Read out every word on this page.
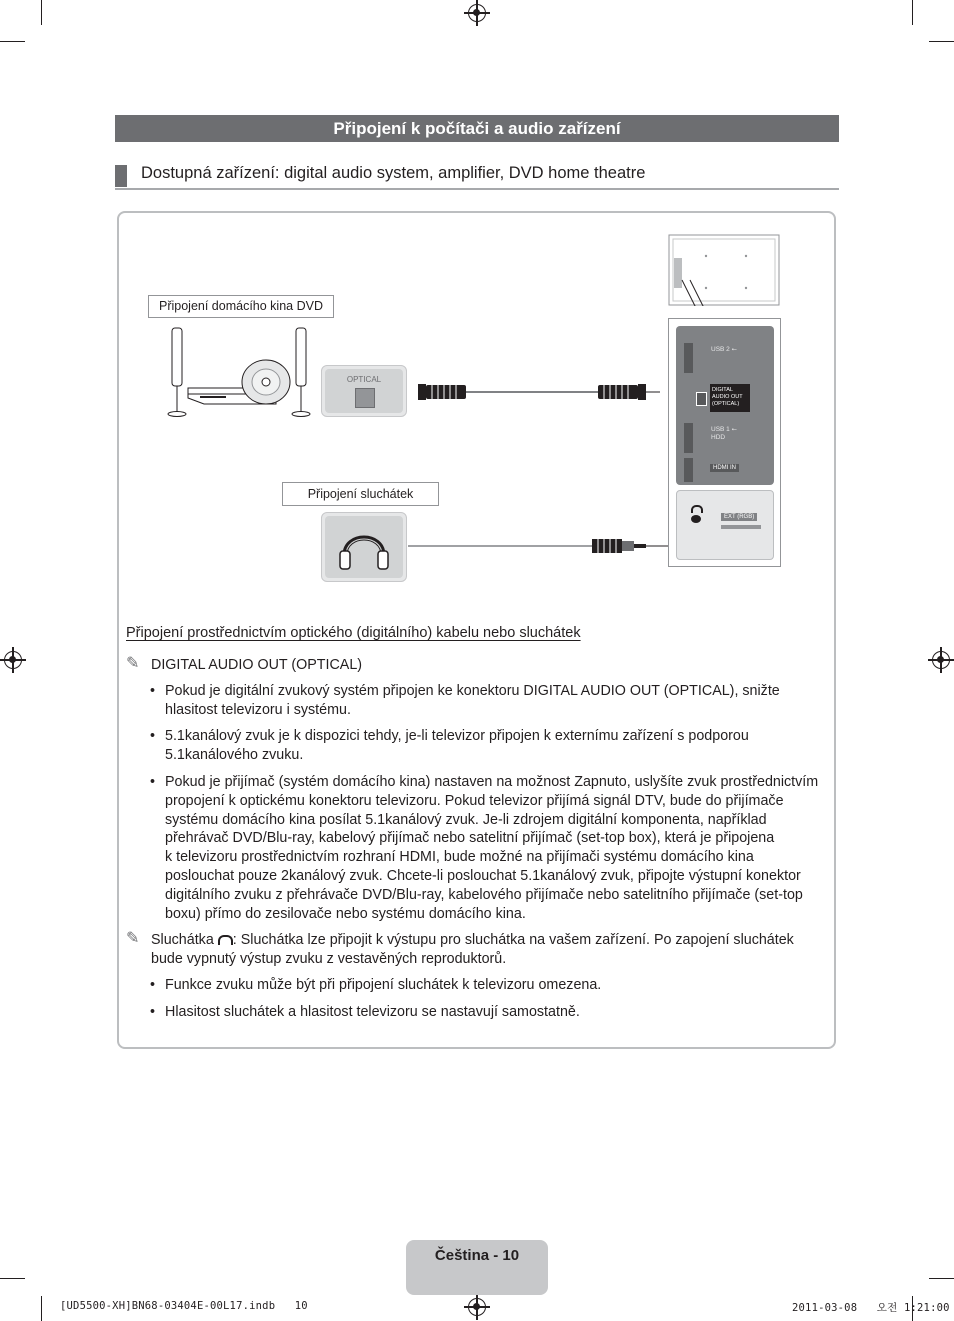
Připojení k počítači a audio zařízení
Dostupná zařízení: digital audio system, amplifier, DVD home theatre
Připojení domácího kina DVD
OPTICAL
Připojení sluchátek
USB 2 ⭠
DIGITAL
AUDIO OUT
(OPTICAL)
USB 1 ⭠
HDD
HDMI IN
EXT (RGB)
Připojení prostřednictvím optického (digitálního) kabelu nebo sluchátek
✎ DIGITAL AUDIO OUT (OPTICAL)
• Pokud je digitální zvukový systém připojen ke konektoru DIGITAL AUDIO OUT (OPTICAL), snižte
hlasitost televizoru i systému.
• 5.1kanálový zvuk je k dispozici tehdy, je-li televizor připojen k externímu zařízení s podporou
5.1kanálového zvuku.
• Pokud je přijímač (systém domácího kina) nastaven na možnost Zapnuto, uslyšíte zvuk prostřednictvím
propojení k optickému konektoru televizoru. Pokud televizor přijímá signál DTV, bude do přijímače
systému domácího kina posílat 5.1kanálový zvuk. Je-li zdrojem digitální komponenta, například
přehrávač DVD/Blu-ray, kabelový přijímač nebo satelitní přijímač (set-top box), která je připojena
k televizoru prostřednictvím rozhraní HDMI, bude možné na přijímači systému domácího kina
poslouchat pouze 2kanálový zvuk. Chcete-li poslouchat 5.1kanálový zvuk, připojte výstupní konektor
digitálního zvuku z přehrávače DVD/Blu-ray, kabelového přijímače nebo satelitního přijímače (set-top
boxu) přímo do zesilovače nebo systému domácího kina.
✎ Sluchátka : Sluchátka lze připojit k výstupu pro sluchátka na vašem zařízení. Po zapojení sluchátek
bude vypnutý výstup zvuku z vestavěných reproduktorů.
• Funkce zvuku může být při připojení sluchátek k televizoru omezena.
• Hlasitost sluchátek a hlasitost televizoru se nastavují samostatně.
Čeština - 10
[UD5500-XH]BN68-03404E-00L17.indb   10	2011-03-08   오전 1:21:00
